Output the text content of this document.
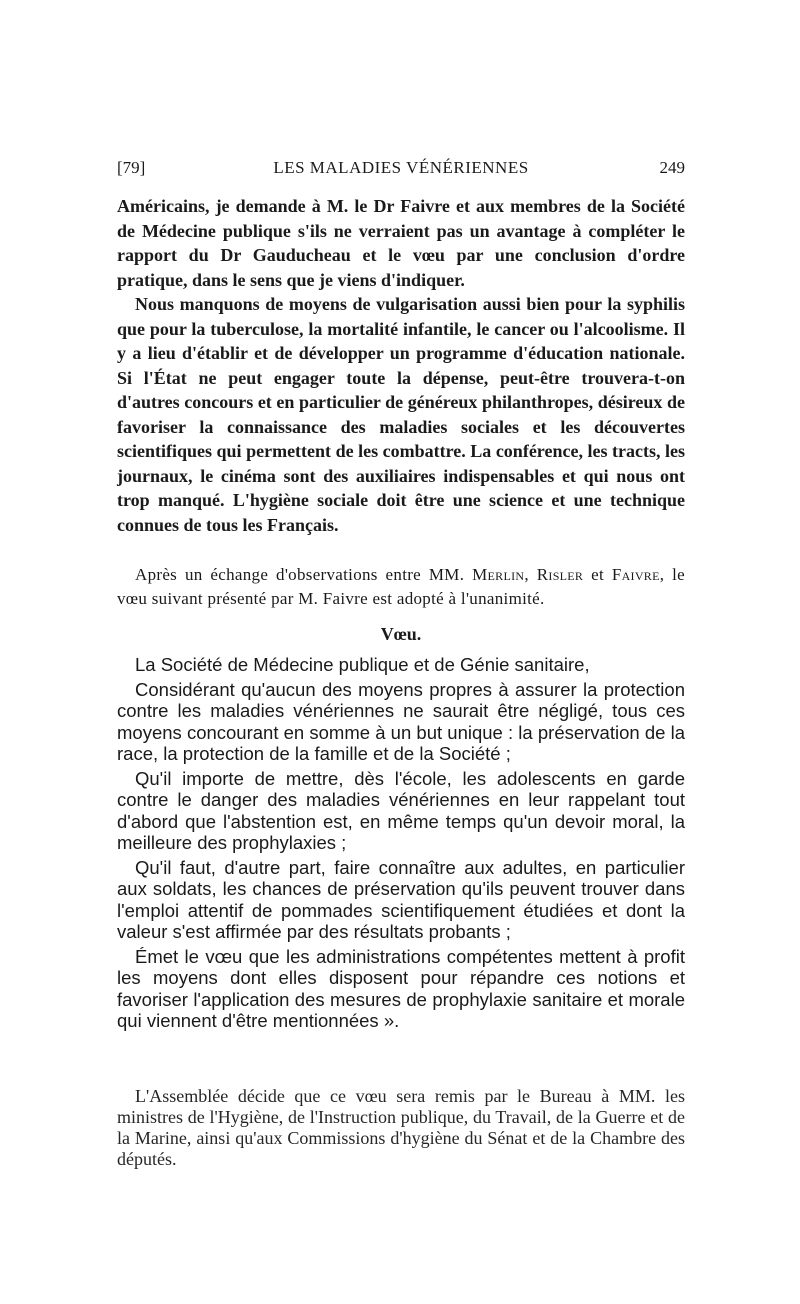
[79]	LES MALADIES VÉNÉRIENNES	249

Américains, je demande à M. le Dr Faivre et aux membres de la Société de Médecine publique s'ils ne verraient pas un avantage à compléter le rapport du Dr Gauducheau et le vœu par une conclusion d'ordre pratique, dans le sens que je viens d'indiquer.

Nous manquons de moyens de vulgarisation aussi bien pour la syphilis que pour la tuberculose, la mortalité infantile, le cancer ou l'alcoolisme. Il y a lieu d'établir et de développer un programme d'éducation nationale. Si l'État ne peut engager toute la dépense, peut-être trouvera-t-on d'autres concours et en particulier de généreux philanthropes, désireux de favoriser la connaissance des maladies sociales et les découvertes scientifiques qui permettent de les combattre. La conférence, les tracts, les journaux, le cinéma sont des auxiliaires indispensables et qui nous ont trop manqué. L'hygiène sociale doit être une science et une technique connues de tous les Français.

Après un échange d'observations entre MM. Merlin, Risler et Faivre, le vœu suivant présenté par M. Faivre est adopté à l'unanimité.

Vœu.

La Société de Médecine publique et de Génie sanitaire,

Considérant qu'aucun des moyens propres à assurer la protection contre les maladies vénériennes ne saurait être négligé, tous ces moyens concourant en somme à un but unique : la préservation de la race, la protection de la famille et de la Société ;

Qu'il importe de mettre, dès l'école, les adolescents en garde contre le danger des maladies vénériennes en leur rappelant tout d'abord que l'abstention est, en même temps qu'un devoir moral, la meilleure des prophylaxies ;

Qu'il faut, d'autre part, faire connaître aux adultes, en particulier aux soldats, les chances de préservation qu'ils peuvent trouver dans l'emploi attentif de pommades scientifiquement étudiées et dont la valeur s'est affirmée par des résultats probants ;

Émet le vœu que les administrations compétentes mettent à profit les moyens dont elles disposent pour répandre ces notions et favoriser l'application des mesures de prophylaxie sanitaire et morale qui viennent d'être mentionnées ».

L'Assemblée décide que ce vœu sera remis par le Bureau à MM. les ministres de l'Hygiène, de l'Instruction publique, du Travail, de la Guerre et de la Marine, ainsi qu'aux Commissions d'hygiène du Sénat et de la Chambre des députés.
